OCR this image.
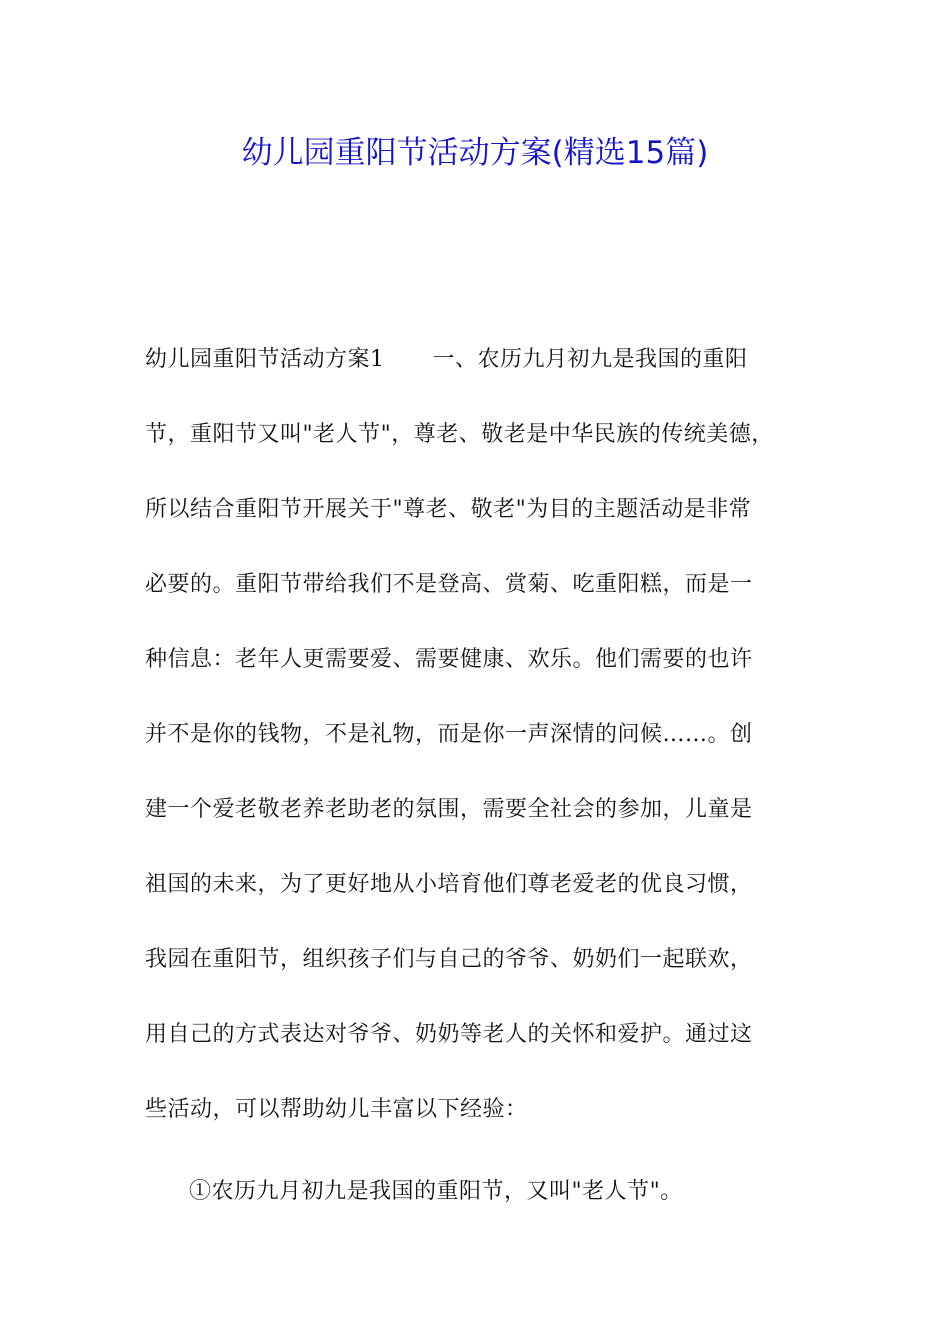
幼儿园重阳节活动方案(精选15篇)
幼儿园重阳节活动方案1 一、农历九月初九是我国的重阳
节，重阳节又叫"老人节"，尊老、敬老是中华民族的传统美德，
所以结合重阳节开展关于"尊老、敬老"为目的主题活动是非常
必要的。重阳节带给我们不是登高、赏菊、吃重阳糕，而是一
种信息：老年人更需要爱、需要健康、欢乐。他们需要的也许
并不是你的钱物，不是礼物，而是你一声深情的问候……。创
建一个爱老敬老养老助老的氛围，需要全社会的参加，儿童是
祖国的未来，为了更好地从小培育他们尊老爱老的优良习惯，
我园在重阳节，组织孩子们与自己的爷爷、奶奶们一起联欢，
用自己的方式表达对爷爷、奶奶等老人的关怀和爱护。通过这
些活动，可以帮助幼儿丰富以下经验：
①农历九月初九是我国的重阳节，又叫"老人节"。
